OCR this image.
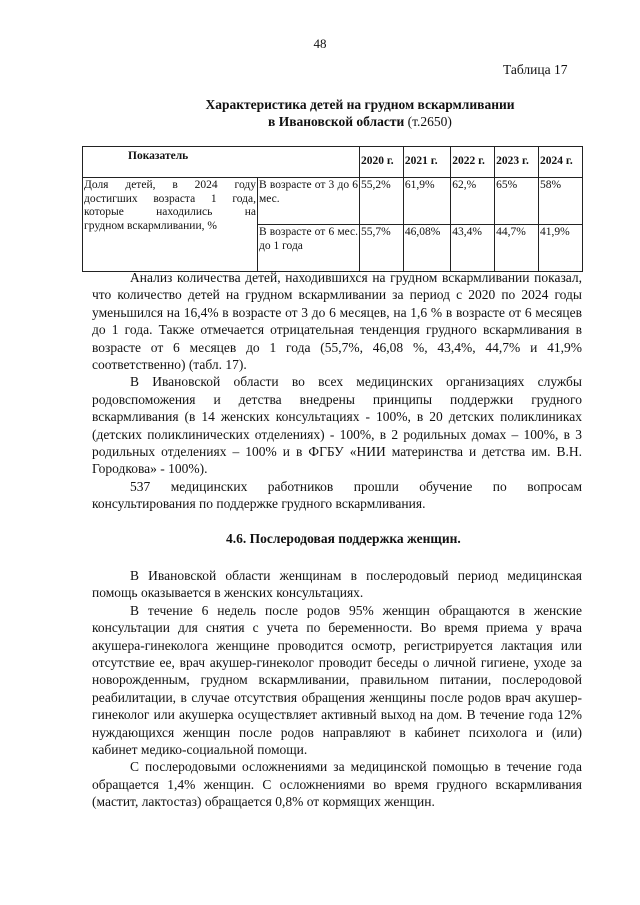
48
Таблица 17
Характеристика детей на грудном вскармливании
в Ивановской области (т.2650)
Показатель		2020 г.	2021 г.	2022 г.	2023 г.	2024 г.

Доля детей, в 2024 году
достигших возраста 1 года,
которые находились на
грудном вскармливании, %	В возрасте от 3 до 6 мес.	55,2%	61,9%	62,%	65%	58%
	В возрасте от 6 мес. до 1 года	55,7%	46,08%	43,4%	44,7%	41,9%

Анализ количества детей, находившихся на грудном вскармливании показал, что количество детей на грудном вскармливании за период с 2020 по 2024 годы уменьшился на 16,4% в возрасте от 3 до 6 месяцев, на 1,6 % в возрасте от 6 месяцев до 1 года. Также отмечается отрицательная тенденция грудного вскармливания в возрасте от 6 месяцев до 1 года (55,7%, 46,08 %, 43,4%, 44,7% и 41,9% соответственно) (табл. 17).

В Ивановской области во всех медицинских организациях службы родовспоможения и детства внедрены принципы поддержки грудного вскармливания (в 14 женских консультациях - 100%, в 20 детских поликлиниках (детских поликлинических отделениях) - 100%, в 2 родильных домах – 100%, в 3 родильных отделениях – 100% и в ФГБУ «НИИ материнства и детства им. В.Н. Городкова» - 100%).

537 медицинских работников прошли обучение по вопросам консультирования по поддержке грудного вскармливания.

4.6. Послеродовая поддержка женщин.

В Ивановской области женщинам в послеродовый период медицинская помощь оказывается в женских консультациях.

В течение 6 недель после родов 95% женщин обращаются в женские консультации для снятия с учета по беременности. Во время приема у врача акушера-гинеколога женщине проводится осмотр, регистрируется лактация или отсутствие ее, врач акушер-гинеколог проводит беседы о личной гигиене, уходе за новорожденным, грудном вскармливании, правильном питании, послеродовой реабилитации, в случае отсутствия обращения женщины после родов врач акушер-гинеколог или акушерка осуществляет активный выход на дом. В течение года 12% нуждающихся женщин после родов направляют в кабинет психолога и (или) кабинет медико-социальной помощи.

С послеродовыми осложнениями за медицинской помощью в течение года обращается 1,4% женщин. С осложнениями во время грудного вскармливания (мастит, лактостаз) обращается 0,8% от кормящих женщин.
